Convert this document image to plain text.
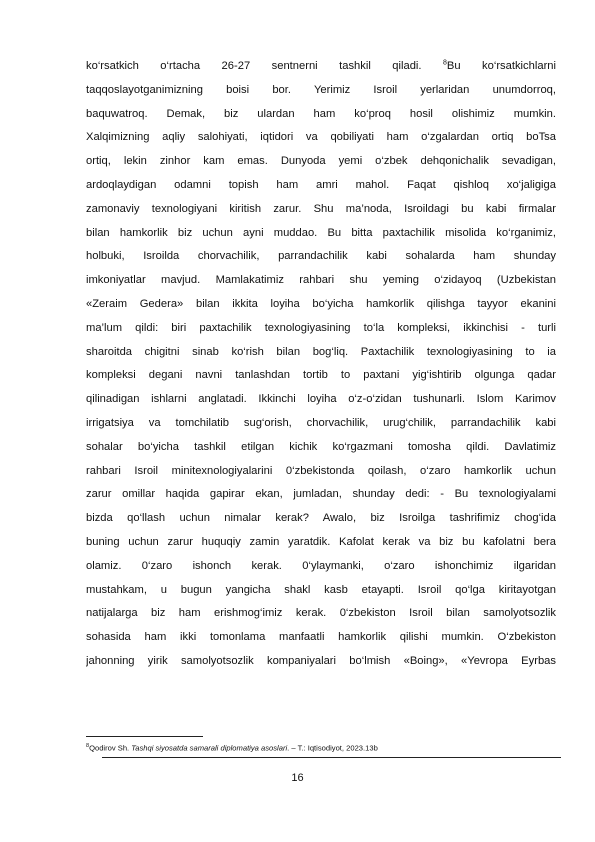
ko‘rsatkich o‘rtacha 26-27 sentnerni tashkil qiladi. $^8$Bu ko‘rsatkichlarni
taqqoslayotganimizning boisi bor. Yerimiz Isroil yerlaridan unumdorroq,
baquwatroq. Demak, biz ulardan ham ko‘proq hosil olishimiz mumkin.
Xalqimizning aqliy salohiyati, iqtidori va qobiliyati ham o‘zgalardan ortiq boTsa
ortiq, lekin zinhor kam emas. Dunyoda yemi o‘zbek dehqonichalik sevadigan,
ardoqlaydigan odamni topish ham amri mahol. Faqat qishloq xo‘jaligiga
zamonaviy texnologiyani kiritish zarur. Shu ma’noda, Isroildagi bu kabi firmalar
bilan hamkorlik biz uchun ayni muddao. Bu bitta paxtachilik misolida ko‘rganimiz,
holbuki, Isroilda chorvachilik, parrandachilik kabi sohalarda ham shunday
imkoniyatlar mavjud. Mamlakatimiz rahbari shu yeming o‘zidayoq (Uzbekistan
«Zeraim Gedera» bilan ikkita loyiha bo‘yicha hamkorlik qilishga tayyor ekanini
ma’lum qildi: biri paxtachilik texnologiyasining to‘la kompleksi, ikkinchisi - turli
sharoitda chigitni sinab ko‘rish bilan bog‘liq. Paxtachilik texnologiyasining to ia
kompleksi degani navni tanlashdan tortib to paxtani yig‘ishtirib olgunga qadar
qilinadigan ishlarni anglatadi. Ikkinchi loyiha o‘z-o‘zidan tushunarli. Islom Karimov
irrigatsiya va tomchilatib sug‘orish, chorvachilik, urug‘chilik, parrandachilik kabi
sohalar bo‘yicha tashkil etilgan kichik ko‘rgazmani tomosha qildi. Davlatimiz
rahbari Isroil minitexnologiyalarini 0‘zbekistonda qoilash, o‘zaro hamkorlik uchun
zarur omillar haqida gapirar ekan, jumladan, shunday dedi: - Bu texnologiyalami
bizda qo‘llash uchun nimalar kerak? Awalo, biz Isroilga tashrifimiz chog‘ida
buning uchun zarur huquqiy zamin yaratdik. Kafolat kerak va biz bu kafolatni bera
olamiz. 0‘zaro ishonch kerak. 0‘ylaymanki, o‘zaro ishonchimiz ilgaridan
mustahkam, u bugun yangicha shakl kasb etayapti. Isroil qo‘lga kiritayotgan
natijalarga biz ham erishmog‘imiz kerak. 0‘zbekiston Isroil bilan samolyotsozlik
sohasida ham ikki tomonlama manfaatli hamkorlik qilishi mumkin. O‘zbekiston
jahonning yirik samolyotsozlik kompaniyalari bo‘lmish «Boing», «Yevropa Eyrbas
$^8$Qodirov Sh. Tashqi siyosatda samarali diplomatiya asoslari. – T.: Iqtisodiyot, 2023.13b
16
